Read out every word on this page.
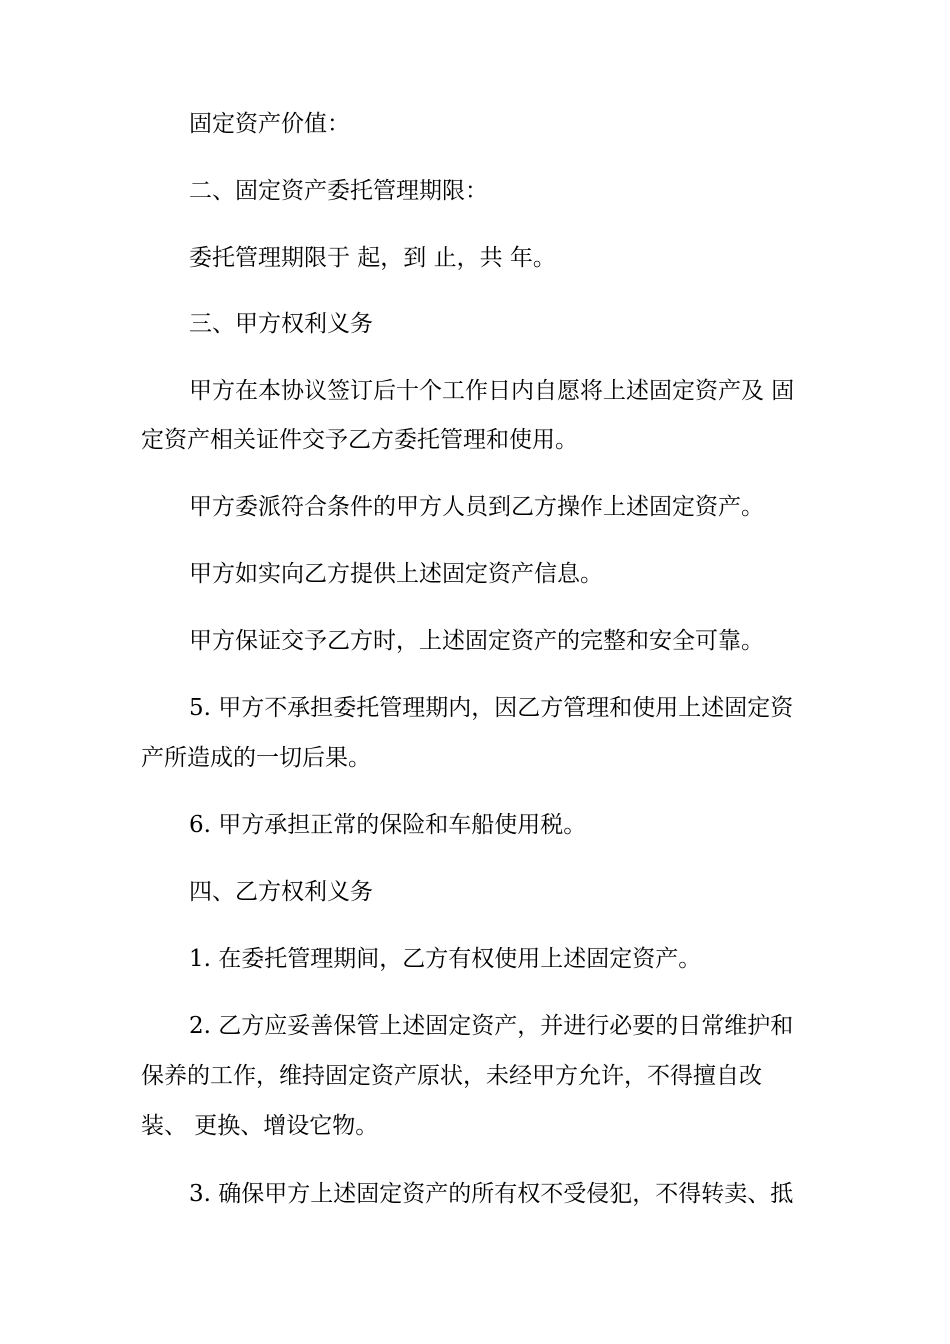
固定资产价值：
二、固定资产委托管理期限：
委托管理期限于 起，到 止，共 年。
三、甲方权利义务
甲方在本协议签订后十个工作日内自愿将上述固定资产及 固
定资产相关证件交予乙方委托管理和使用。
甲方委派符合条件的甲方人员到乙方操作上述固定资产。
甲方如实向乙方提供上述固定资产信息。
甲方保证交予乙方时，上述固定资产的完整和安全可靠。
5. 甲方不承担委托管理期内，因乙方管理和使用上述固定资
产所造成的一切后果。
6. 甲方承担正常的保险和车船使用税。
四、乙方权利义务
1. 在委托管理期间，乙方有权使用上述固定资产。
2. 乙方应妥善保管上述固定资产，并进行必要的日常维护和
保养的工作，维持固定资产原状，未经甲方允许，不得擅自改
装、 更换、增设它物。
3. 确保甲方上述固定资产的所有权不受侵犯，不得转卖、抵
